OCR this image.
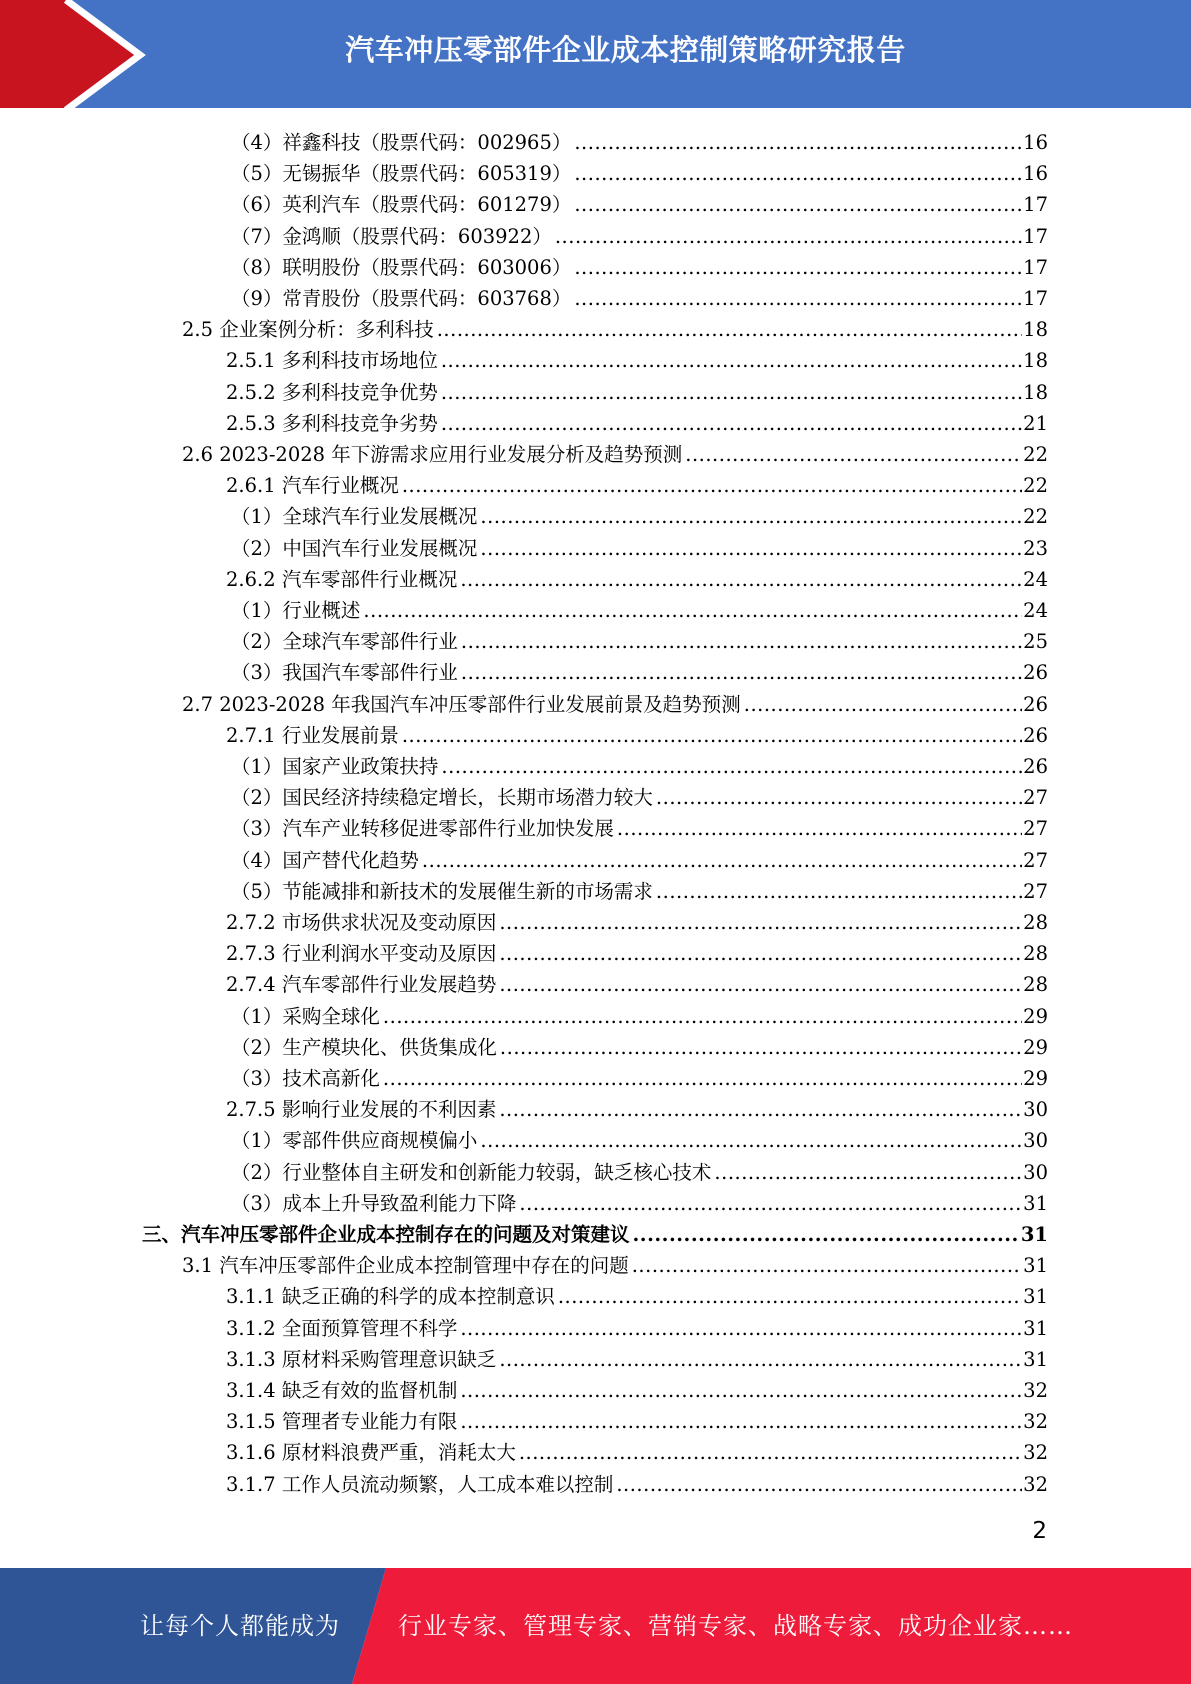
汽车冲压零部件企业成本控制策略研究报告
（4）祥鑫科技（股票代码：002965） .....	16
（5）无锡振华（股票代码：605319） .....	16
（6）英利汽车（股票代码：601279） .....	17
（7）金鸿顺（股票代码：603922） .....	17
（8）联明股份（股票代码：603006） .....	17
（9）常青股份（股票代码：603768） .....	17
2.5 企业案例分析：多利科技 .....	18
2.5.1 多利科技市场地位 .....	18
2.5.2 多利科技竞争优势 .....	18
2.5.3 多利科技竞争劣势 .....	21
2.6 2023-2028 年下游需求应用行业发展分析及趋势预测 .....	22
2.6.1 汽车行业概况 .....	22
（1）全球汽车行业发展概况 .....	22
（2）中国汽车行业发展概况 .....	23
2.6.2 汽车零部件行业概况 .....	24
（1）行业概述 .....	24
（2）全球汽车零部件行业 .....	25
（3）我国汽车零部件行业 .....	26
2.7 2023-2028 年我国汽车冲压零部件行业发展前景及趋势预测 .....	26
2.7.1 行业发展前景 .....	26
（1）国家产业政策扶持 .....	26
（2）国民经济持续稳定增长，长期市场潜力较大 .....	27
（3）汽车产业转移促进零部件行业加快发展 .....	27
（4）国产替代化趋势 .....	27
（5）节能减排和新技术的发展催生新的市场需求 .....	27
2.7.2 市场供求状况及变动原因 .....	28
2.7.3 行业利润水平变动及原因 .....	28
2.7.4 汽车零部件行业发展趋势 .....	28
（1）采购全球化 .....	29
（2）生产模块化、供货集成化 .....	29
（3）技术高新化 .....	29
2.7.5 影响行业发展的不利因素 .....	30
（1）零部件供应商规模偏小 .....	30
（2）行业整体自主研发和创新能力较弱，缺乏核心技术 .....	30
（3）成本上升导致盈利能力下降 .....	31
三、汽车冲压零部件企业成本控制存在的问题及对策建议 .....	31
3.1 汽车冲压零部件企业成本控制管理中存在的问题 .....	31
3.1.1 缺乏正确的科学的成本控制意识 .....	31
3.1.2 全面预算管理不科学 .....	31
3.1.3 原材料采购管理意识缺乏 .....	31
3.1.4 缺乏有效的监督机制 .....	32
3.1.5 管理者专业能力有限 .....	32
3.1.6 原材料浪费严重，消耗太大 .....	32
3.1.7 工作人员流动频繁，人工成本难以控制 .....	32
2
让每个人都能成为 行业专家、管理专家、营销专家、战略专家、成功企业家……
